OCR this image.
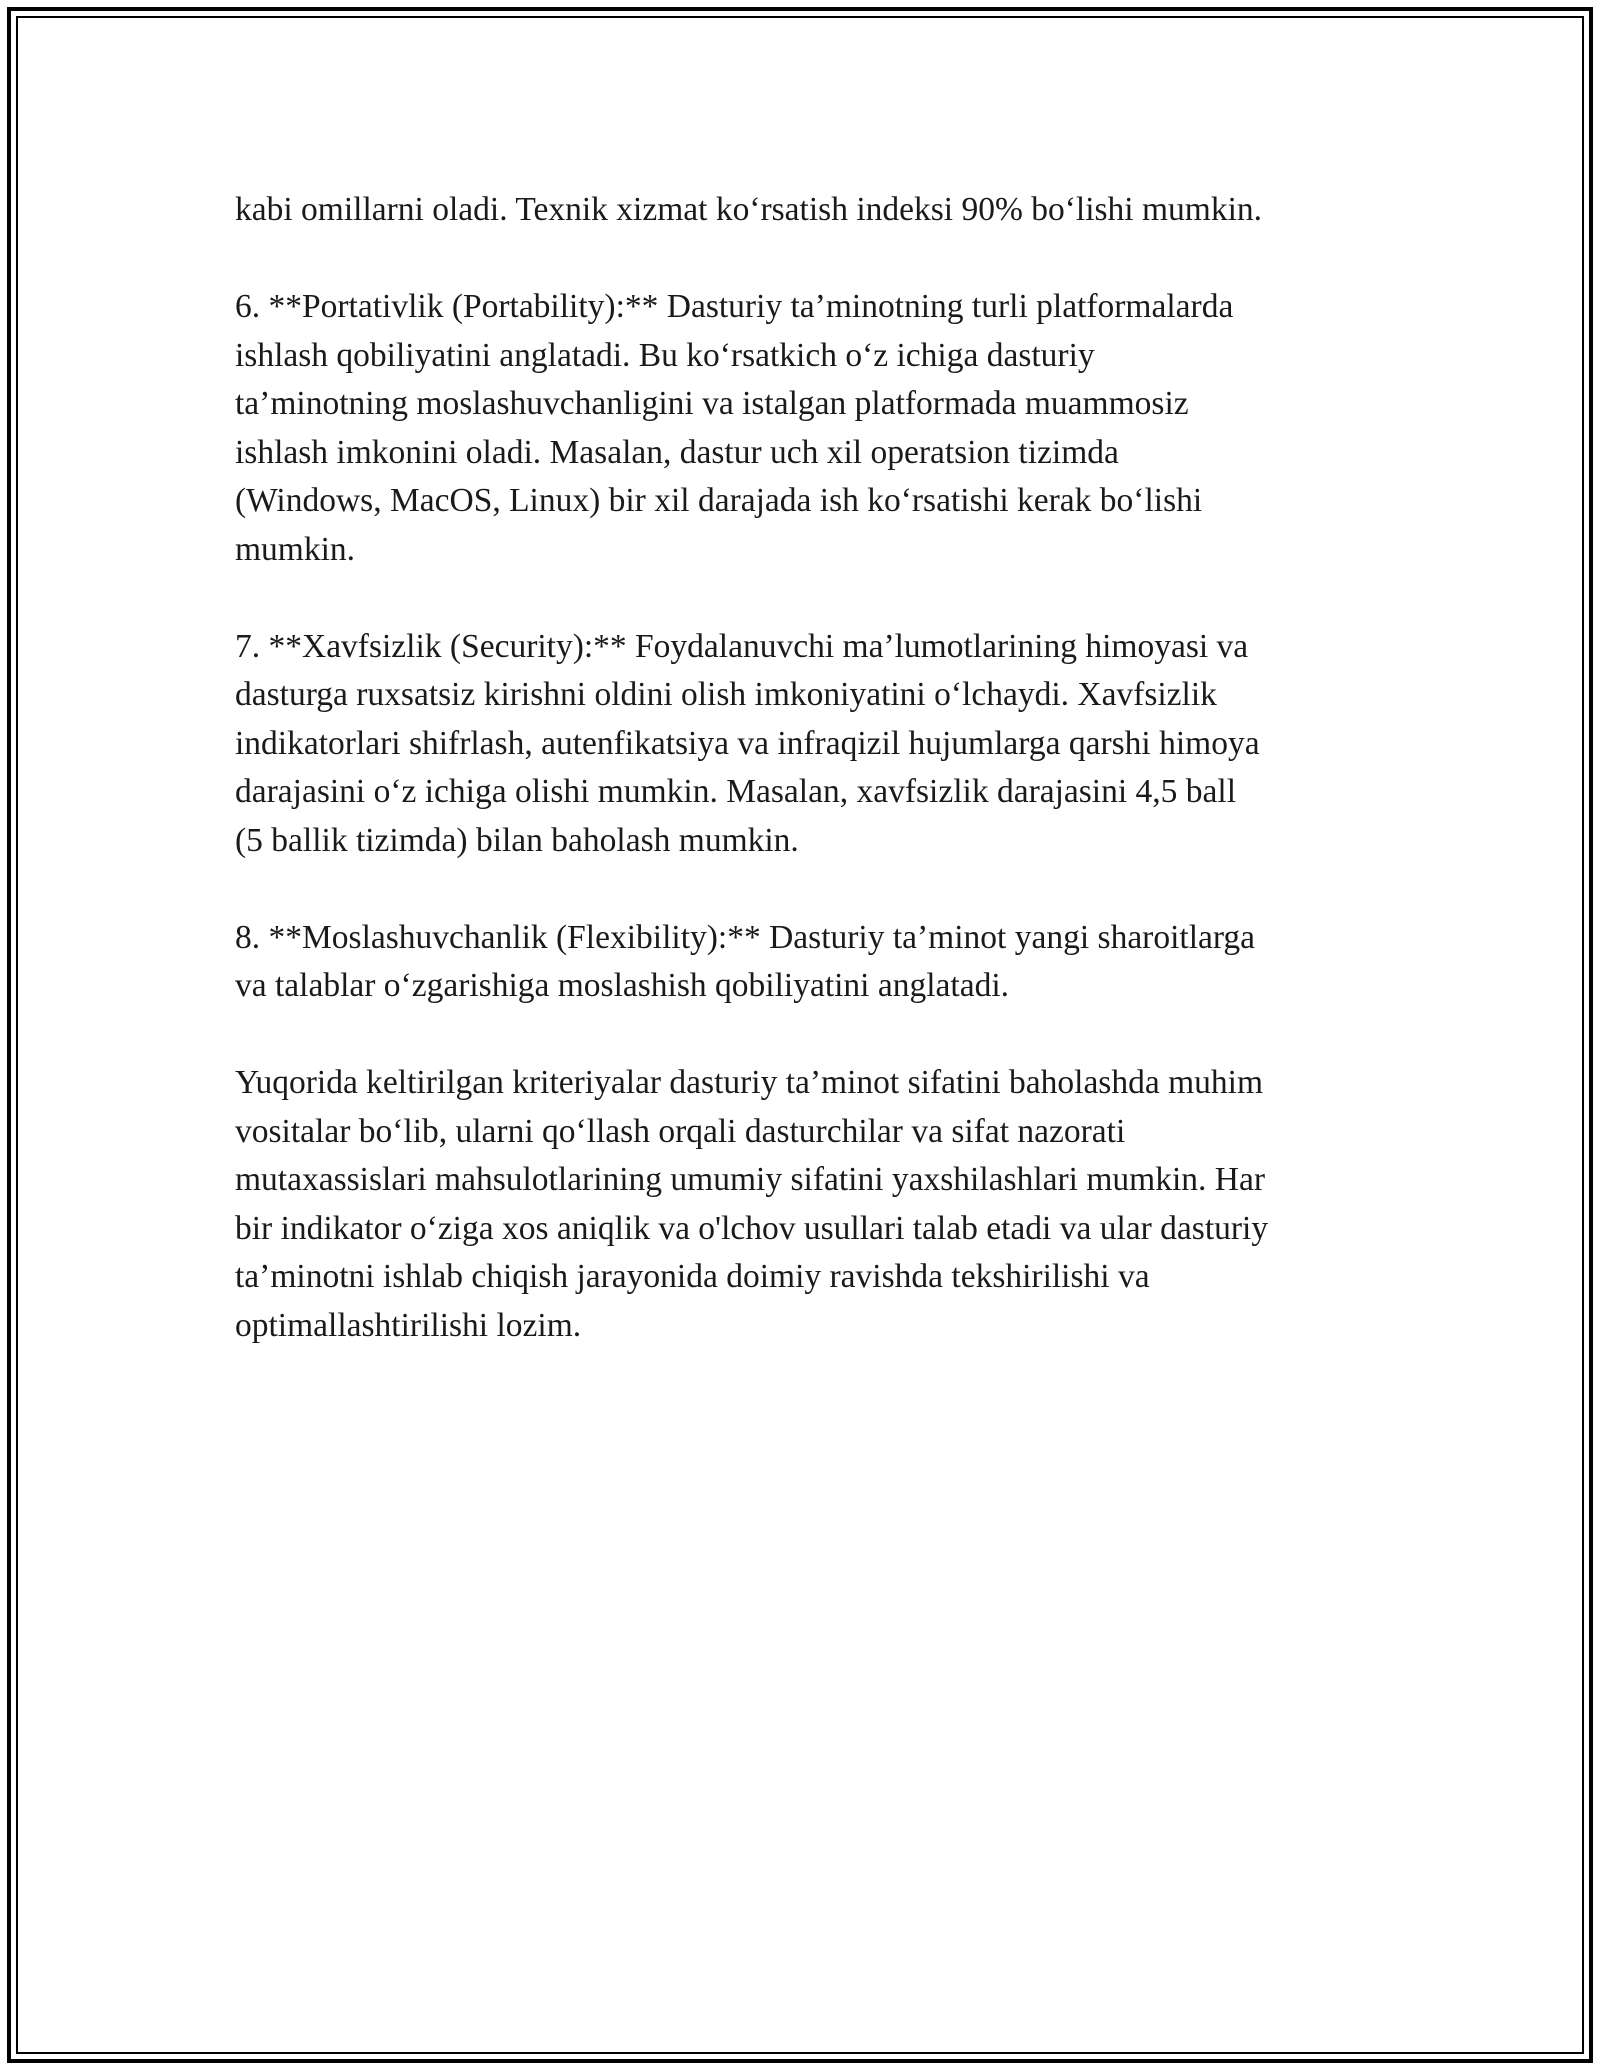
kabi omillarni oladi. Texnik xizmat ko‘rsatish indeksi 90% bo‘lishi mumkin.

6. **Portativlik (Portability):** Dasturiy ta’minotning turli platformalarda
ishlash qobiliyatini anglatadi. Bu ko‘rsatkich o‘z ichiga dasturiy
ta’minotning moslashuvchanligini va istalgan platformada muammosiz
ishlash imkonini oladi. Masalan, dastur uch xil operatsion tizimda
(Windows, MacOS, Linux) bir xil darajada ish ko‘rsatishi kerak bo‘lishi
mumkin.

7. **Xavfsizlik (Security):** Foydalanuvchi ma’lumotlarining himoyasi va
dasturga ruxsatsiz kirishni oldini olish imkoniyatini o‘lchaydi. Xavfsizlik
indikatorlari shifrlash, autenfikatsiya va infraqizil hujumlarga qarshi himoya
darajasini o‘z ichiga olishi mumkin. Masalan, xavfsizlik darajasini 4,5 ball
(5 ballik tizimda) bilan baholash mumkin.

8. **Moslashuvchanlik (Flexibility):** Dasturiy ta’minot yangi sharoitlarga
va talablar o‘zgarishiga moslashish qobiliyatini anglatadi.

Yuqorida keltirilgan kriteriyalar dasturiy ta’minot sifatini baholashda muhim
vositalar bo‘lib, ularni qo‘llash orqali dasturchilar va sifat nazorati
mutaxassislari mahsulotlarining umumiy sifatini yaxshilashlari mumkin. Har
bir indikator o‘ziga xos aniqlik va o'lchov usullari talab etadi va ular dasturiy
ta’minotni ishlab chiqish jarayonida doimiy ravishda tekshirilishi va
optimallashtirilishi lozim.
